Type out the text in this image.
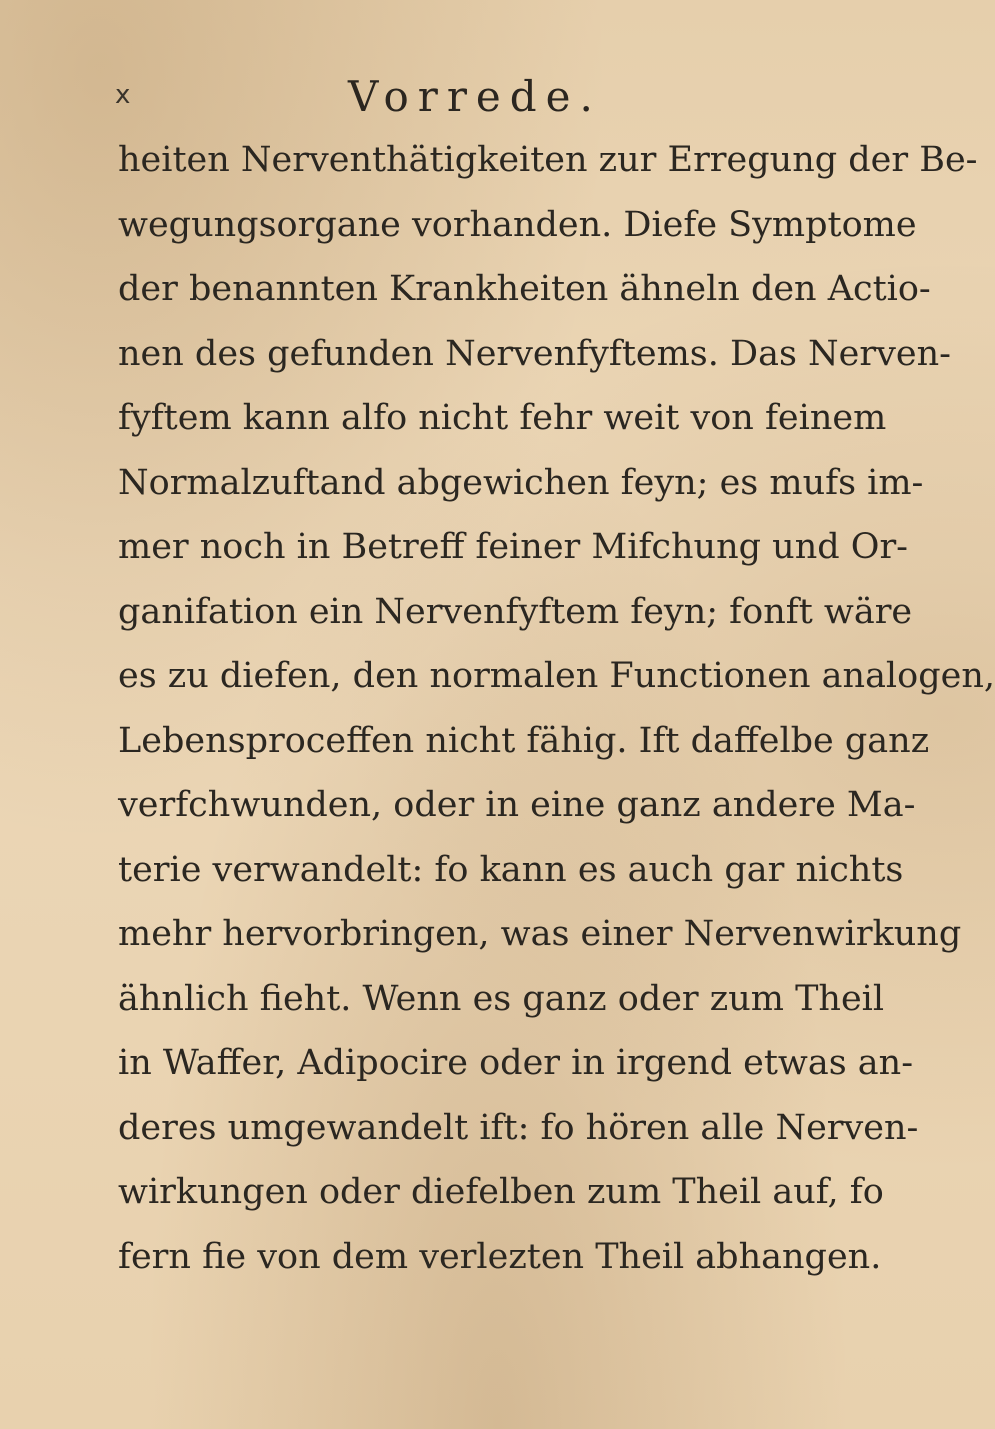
x	Vorrede.
heiten Nerventhätigkeiten zur Erregung der Be-
wegungsorgane vorhanden. Diefe Symptome
der benannten Krankheiten ähneln den Actio-
nen des gefunden Nervenfyftems. Das Nerven-
fyftem kann alfo nicht fehr weit von feinem
Normalzuftand abgewichen feyn; es mufs im-
mer noch in Betreff feiner Mifchung und Or-
ganifation ein Nervenfyftem feyn; fonft wäre
es zu diefen, den normalen Functionen analogen,
Lebensproceffen nicht fähig. Ift daffelbe ganz
verfchwunden, oder in eine ganz andere Ma-
terie verwandelt: fo kann es auch gar nichts
mehr hervorbringen, was einer Nervenwirkung
ähnlich fieht. Wenn es ganz oder zum Theil
in Waffer, Adipocire oder in irgend etwas an-
deres umgewandelt ift: fo hören alle Nerven-
wirkungen oder diefelben zum Theil auf, fo
fern fie von dem verlezten Theil abhangen.
